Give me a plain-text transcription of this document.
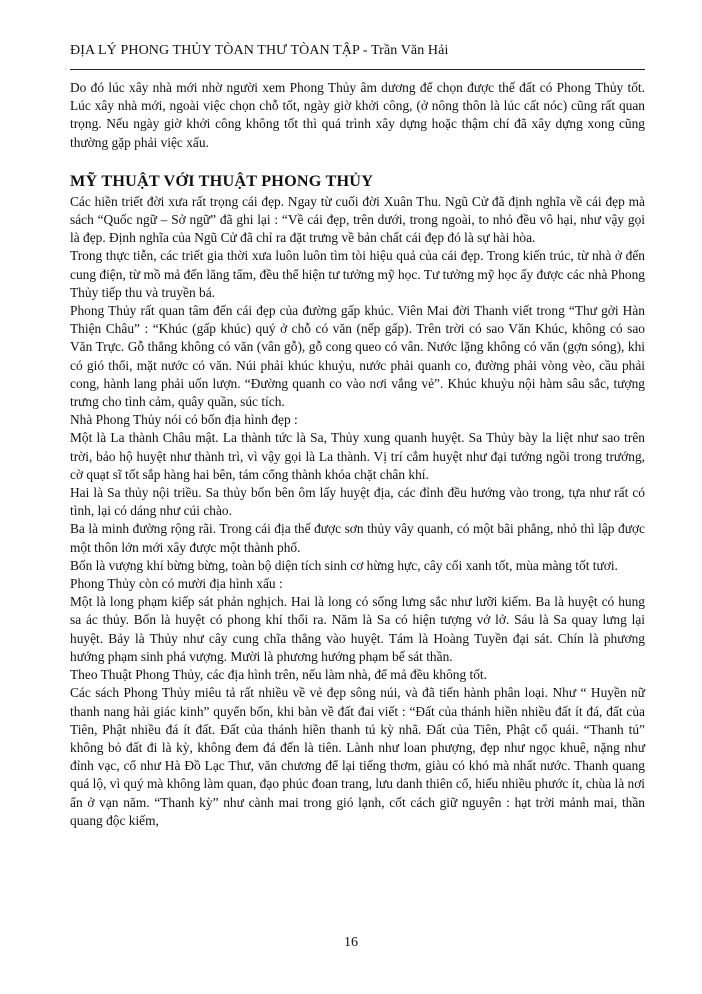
ĐỊA LÝ PHONG THỦY TÒAN THƯ TÒAN TẬP - Trần Văn Hải

Do đó lúc xây nhà mới nhờ người xem Phong Thủy âm dương để chọn được thế đất có Phong Thủy tốt. Lúc xây nhà mới, ngoài việc chọn chỗ tốt, ngày giờ khởi công, (ở nông thôn là lúc cất nóc) cũng rất quan trọng. Nếu ngày giờ khởi công không tốt thì quá trình xây dựng hoặc thậm chí đã xây dựng xong cũng thường gặp phải việc xấu.

MỸ THUẬT VỚI THUẬT PHONG THỦY

Các hiền triết đời xưa rất trọng cái đẹp. Ngay từ cuối đời Xuân Thu. Ngũ Cử đã định nghĩa về cái đẹp mà sách “Quốc ngữ – Sở ngữ” đã ghi lại : “Về cái đẹp, trên dưới, trong ngoài, to nhỏ đều vô hại, như vậy gọi là đẹp. Định nghĩa của Ngũ Cử đã chỉ ra đặt trưng về bản chất cái đẹp đó là sự hài hòa.

Trong thực tiễn, các triết gia thời xưa luôn luôn tìm tòi hiệu quả của cái đẹp. Trong kiến trúc, từ nhà ở đến cung điện, từ mồ mả đến lăng tẩm, đều thể hiện tư tưởng mỹ học. Tư tưởng mỹ học ấy được các nhà Phong Thủy tiếp thu và truyền bá.

Phong Thủy rất quan tâm đến cái đẹp của đường gấp khúc. Viên Mai đời Thanh viết trong “Thư gởi Hàn Thiện Châu” : “Khúc (gấp khúc) quý ở chỗ có văn (nếp gấp). Trên trời có sao Văn Khúc, không có sao Văn Trực. Gỗ thẳng không có văn (vân gỗ), gỗ cong queo có vân. Nước lặng không có văn (gợn sóng), khi có gió thổi, mặt nước có văn. Núi phải khúc khuỷu, nước phải quanh co, đường phải vòng vèo, cầu phải cong, hành lang phải uốn lượn. “Đường quanh co vào nơi vắng vẻ”. Khúc khuỷu nội hàm sâu sắc, tượng trưng cho tình cảm, quây quần, súc tích.

Nhà Phong Thủy nói có bốn địa hình đẹp :

Một là La thành Châu mật. La thành tức là Sa, Thủy xung quanh huyệt. Sa Thủy bày la liệt như sao trên trời, bảo hộ huyệt như thành trì, vì vậy gọi là La thành. Vị trí cắm huyệt như đại tướng ngồi trong trướng, cờ quạt sĩ tốt sắp hàng hai bên, tám cổng thành khóa chặt chân khí.

Hai là Sa thủy nội triều. Sa thủy bốn bên ôm lấy huyệt địa, các đỉnh đều hướng vào trong, tựa như rất có tình, lại có dáng như cúi chào.

Ba là minh đường rộng rãi. Trong cái địa thế được sơn thủy vây quanh, có một bãi phẳng, nhỏ thì lập được một thôn lớn mới xây được một thành phố.

Bốn là vượng khí bừng bừng, toàn bộ diện tích sinh cơ hừng hực, cây cối xanh tốt, mùa màng tốt tươi.

Phong Thủy còn có mười địa hình xấu :

Một là long phạm kiếp sát phản nghịch. Hai là long có sống lưng sắc như lưỡi kiếm. Ba là huyệt có hung sa ác thủy. Bốn là huyệt có phong khí thổi ra. Năm là Sa có hiện tượng vở lở. Sáu là Sa quay lưng lại huyệt. Bảy là Thủy như cây cung chĩa thẳng vào huyệt. Tám là Hoàng Tuyền đại sát. Chín là phương hướng phạm sinh phá vượng. Mười là phương hướng phạm bế sát thần.

Theo Thuật Phong Thủy, các địa hình trên, nếu làm nhà, để mả đều không tốt.

Các sách Phong Thủy miêu tả rất nhiều về vẻ đẹp sông núi, và đã tiến hành phân loại. Như “ Huyền nữ thanh nang hải giác kinh” quyển bốn, khi bàn về đất đai viết : “Đất của thánh hiền nhiều đất ít đá, đất của Tiên, Phật nhiều đá ít đất. Đất của thánh hiền thanh tú kỳ nhã. Đất của Tiên, Phật cổ quái. “Thanh tú” không bỏ đất đi là kỳ, không đem đá đến là tiên. Lành như loan phượng, đẹp như ngọc khuê, nặng như đỉnh vạc, cổ như Hà Đồ Lạc Thư, văn chương để lại tiếng thơm, giàu có khó mà nhất nước. Thanh quang quá lộ, vì quý mà không làm quan, đạo phúc đoan trang, lưu danh thiên cổ, hiếu nhiều phước ít, chùa là nơi ẩn ở vạn năm. “Thanh kỳ” như cành mai trong gió lạnh, cốt cách giữ nguyên : hạt trời mảnh mai, thần quang độc kiếm,

16
